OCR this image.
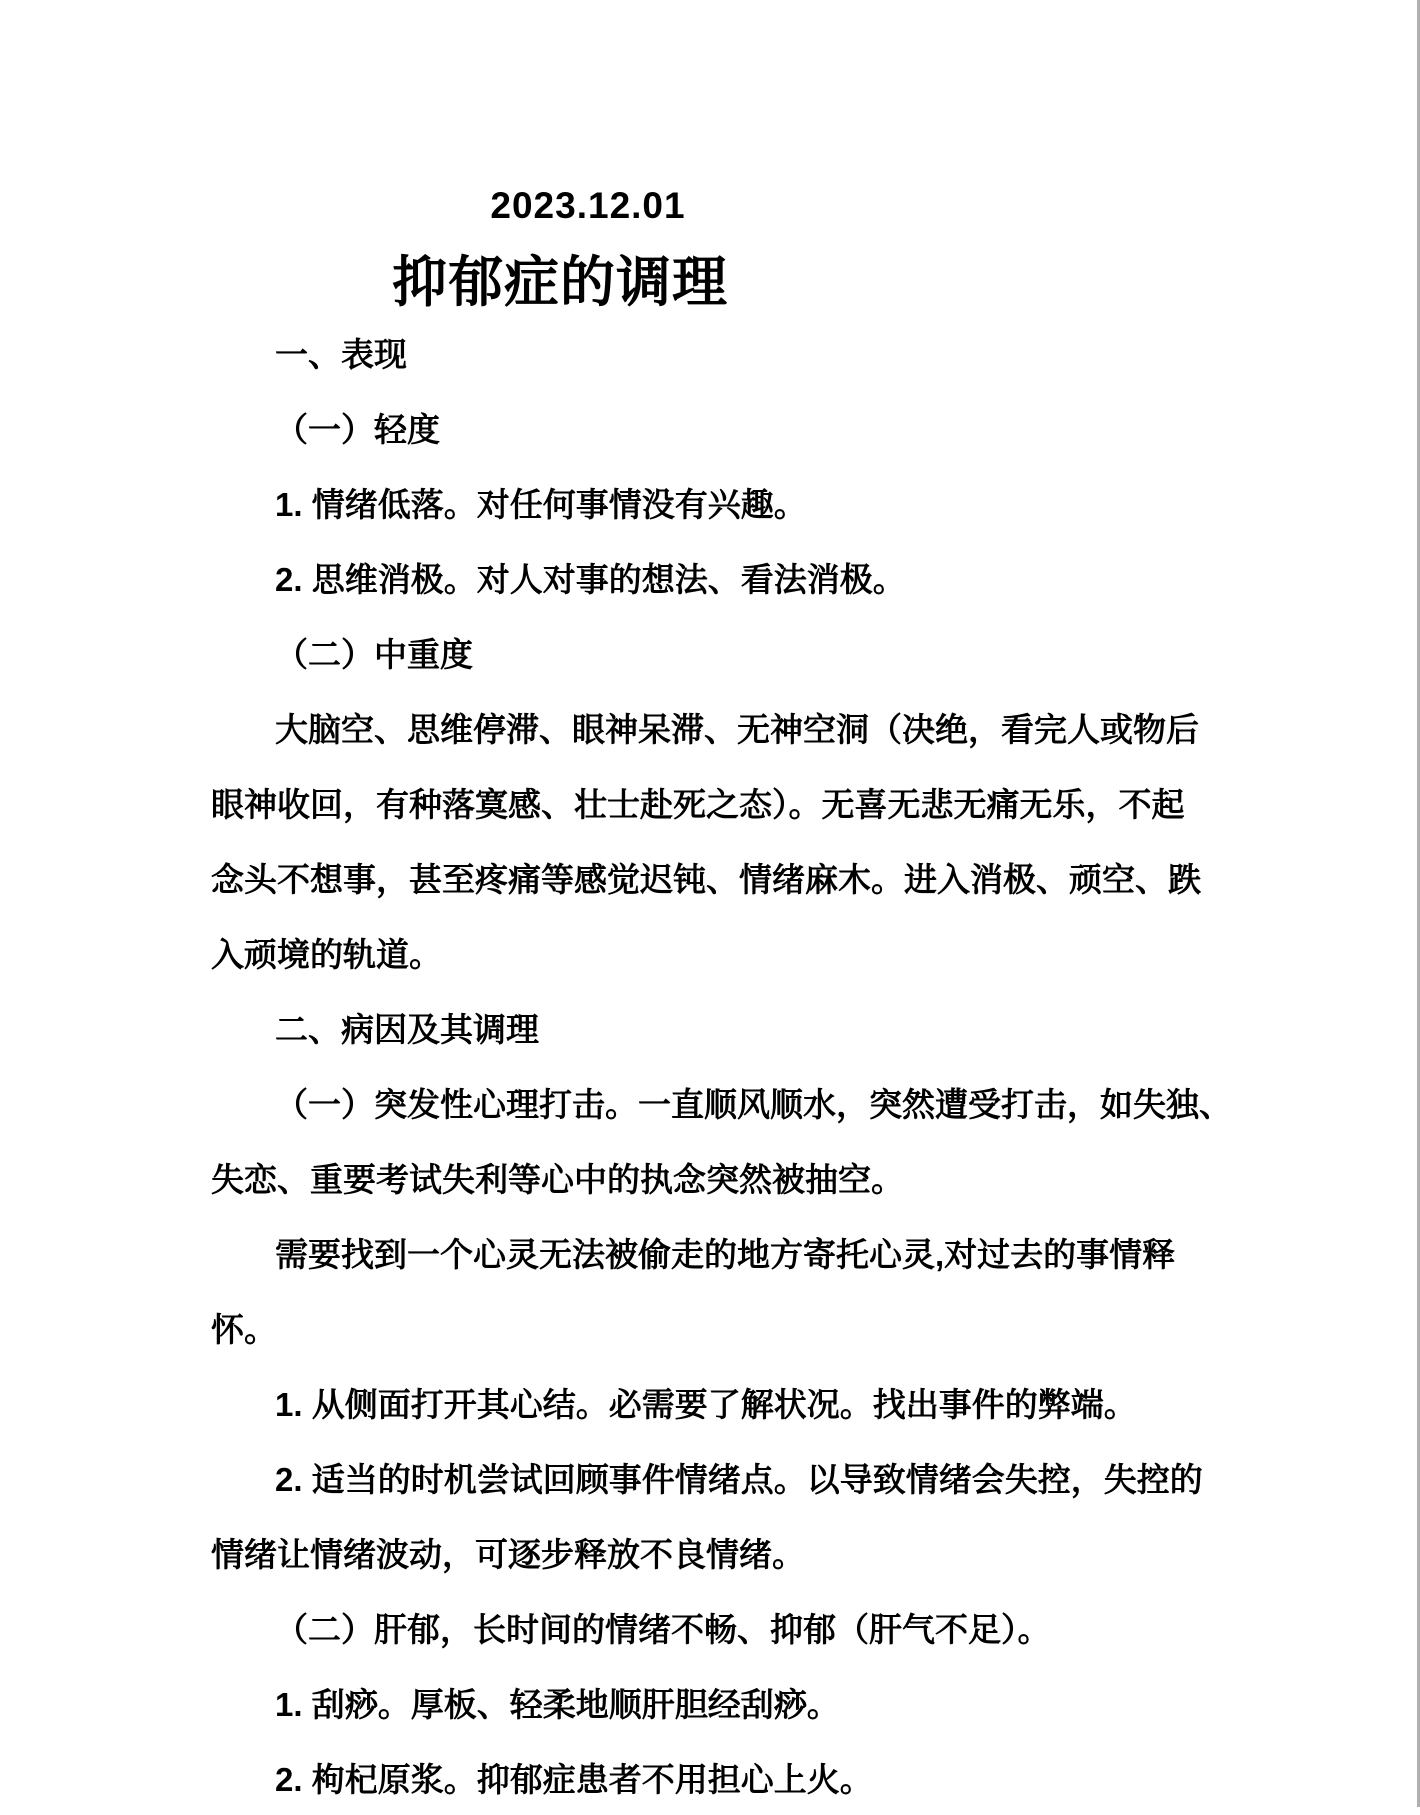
2023.12.01
抑郁症的调理
一、表现
（一）轻度
1. 情绪低落。对任何事情没有兴趣。
2. 思维消极。对人对事的想法、看法消极。
（二）中重度
大脑空、思维停滞、眼神呆滞、无神空洞（决绝，看完人或物后
眼神收回，有种落寞感、壮士赴死之态）。无喜无悲无痛无乐，不起
念头不想事，甚至疼痛等感觉迟钝、情绪麻木。进入消极、顽空、跌
入顽境的轨道。
二、病因及其调理
（一）突发性心理打击。一直顺风顺水，突然遭受打击，如失独、
失恋、重要考试失利等心中的执念突然被抽空。
需要找到一个心灵无法被偷走的地方寄托心灵,对过去的事情释
怀。
1. 从侧面打开其心结。必需要了解状况。找出事件的弊端。
2. 适当的时机尝试回顾事件情绪点。以导致情绪会失控，失控的
情绪让情绪波动，可逐步释放不良情绪。
（二）肝郁，长时间的情绪不畅、抑郁（肝气不足）。
1. 刮痧。厚板、轻柔地顺肝胆经刮痧。
2. 枸杞原浆。抑郁症患者不用担心上火。
